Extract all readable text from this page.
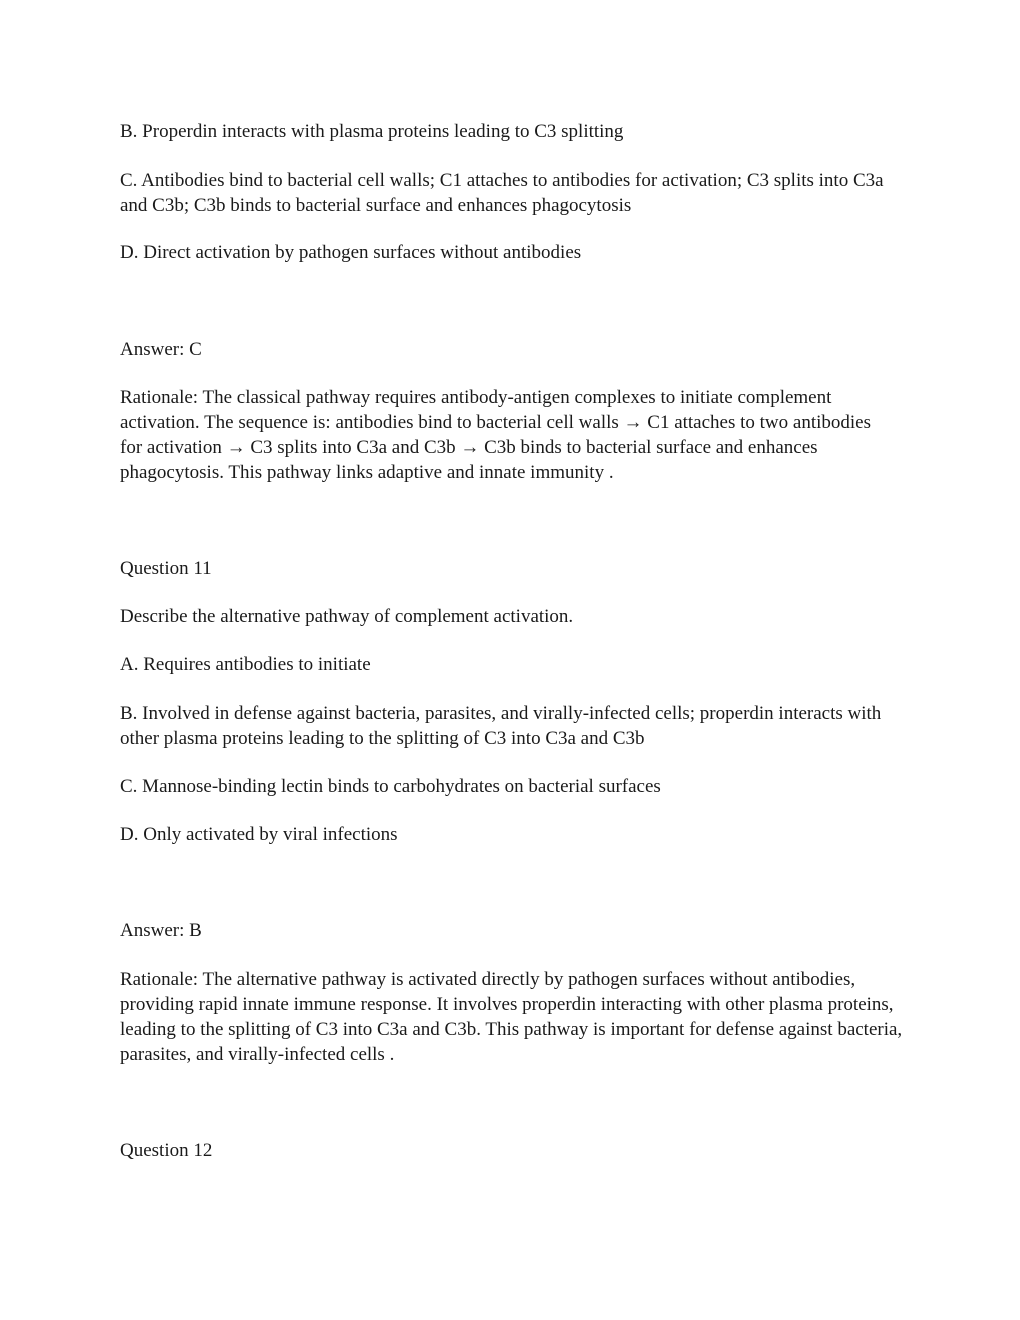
B. Properdin interacts with plasma proteins leading to C3 splitting

C. Antibodies bind to bacterial cell walls; C1 attaches to antibodies for activation; C3 splits into C3a and C3b; C3b binds to bacterial surface and enhances phagocytosis

D. Direct activation by pathogen surfaces without antibodies

Answer: C

Rationale: The classical pathway requires antibody-antigen complexes to initiate complement activation. The sequence is: antibodies bind to bacterial cell walls → C1 attaches to two antibodies for activation → C3 splits into C3a and C3b → C3b binds to bacterial surface and enhances phagocytosis. This pathway links adaptive and innate immunity .

Question 11

Describe the alternative pathway of complement activation.

A. Requires antibodies to initiate

B. Involved in defense against bacteria, parasites, and virally-infected cells; properdin interacts with other plasma proteins leading to the splitting of C3 into C3a and C3b

C. Mannose-binding lectin binds to carbohydrates on bacterial surfaces

D. Only activated by viral infections

Answer: B

Rationale: The alternative pathway is activated directly by pathogen surfaces without antibodies, providing rapid innate immune response. It involves properdin interacting with other plasma proteins, leading to the splitting of C3 into C3a and C3b. This pathway is important for defense against bacteria, parasites, and virally-infected cells .

Question 12
